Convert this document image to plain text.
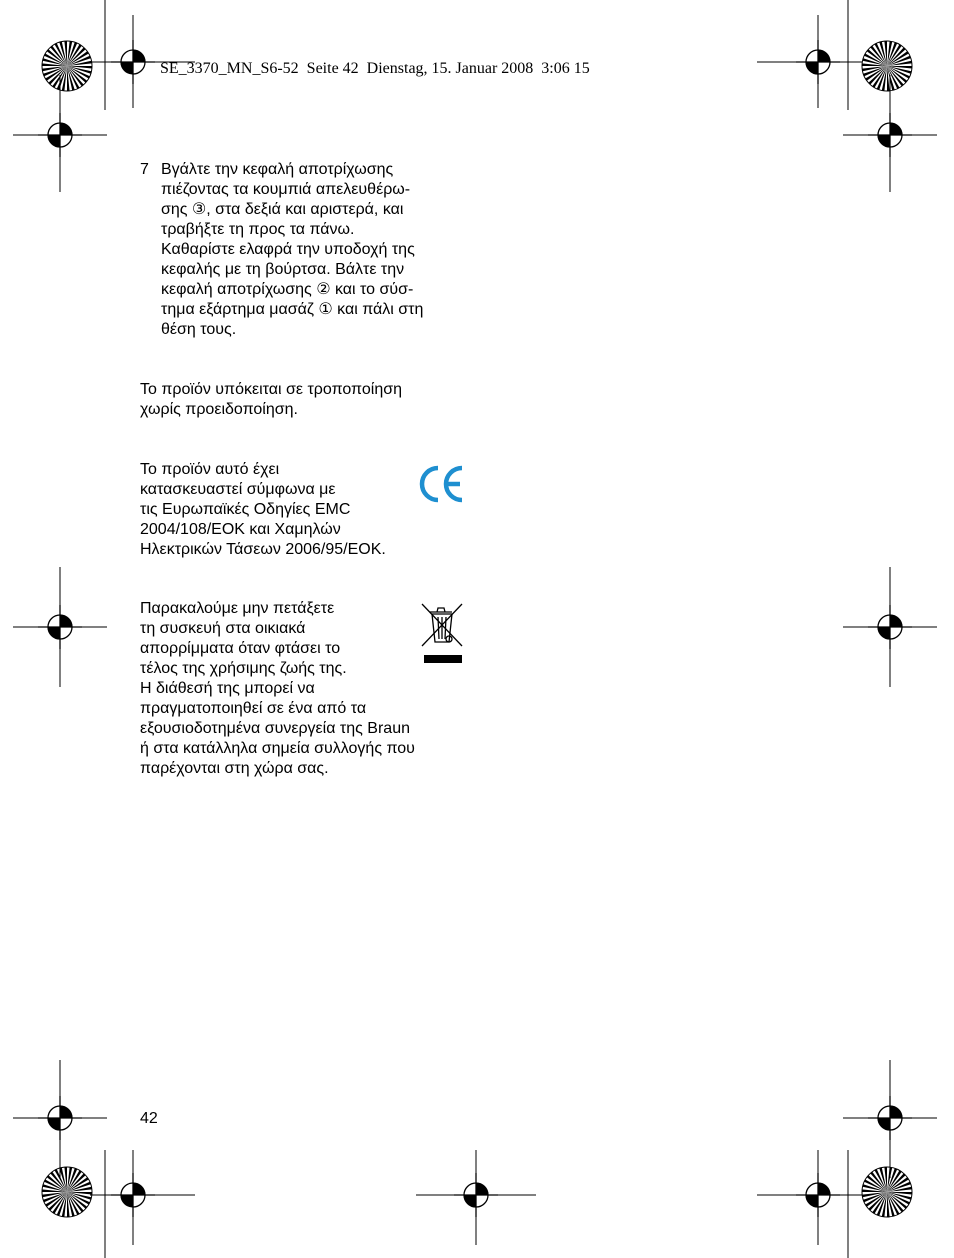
SE_3370_MN_S6-52  Seite 42  Dienstag, 15. Januar 2008  3:06 15
7 Βγάλτε την κεφαλή αποτρίχωσης
πιέζοντας τα κουμπιά απελευθέρω-
σης ③, στα δεξιά και αριστερά, και
τραβήξτε τη προς τα πάνω.
Καθαρίστε ελαφρά την υποδοχή της
κεφαλής με τη βούρτσα. Βάλτε την
κεφαλή αποτρίχωσης ② και το σύσ-
τημα εξάρτημα μασάζ ① και πάλι στη
θέση τους.
Το προϊόν υπόκειται σε τροποποίηση
χωρίς προειδοποίηση.
Το προϊόν αυτό έχει
κατασκευαστεί σύμφωνα με
τις Ευρωπαϊκές Οδηγίες EMC
2004/108/EOK και Χαμηλών
Ηλεκτρικών Τάσεων 2006/95/EOK.
Παρακαλούμε μην πετάξετε
τη συσκευή στα οικιακά
απορρίμματα όταν φτάσει το
τέλος της χρήσιμης ζωής της.
Η διάθεσή της μπορεί να
πραγματοποιηθεί σε ένα από τα
εξουσιοδοτημένα συνεργεία της Braun
ή στα κατάλληλα σημεία συλλογής που
παρέχονται στη χώρα σας.
42
